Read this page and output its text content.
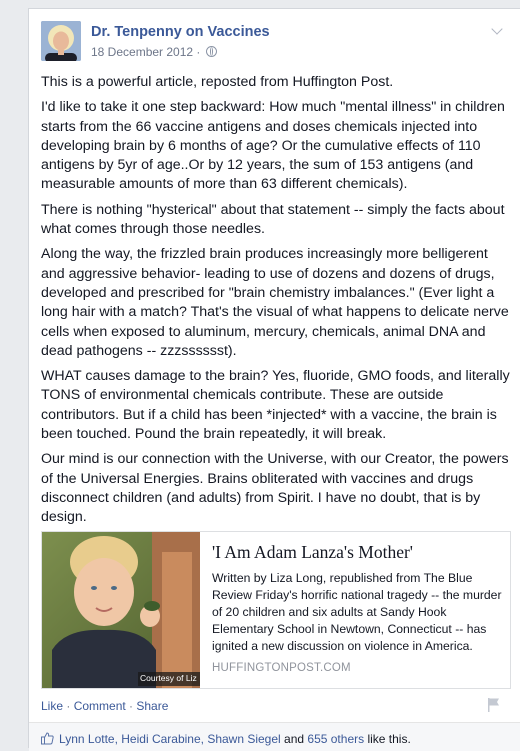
Dr. Tenpenny on Vaccines
18 December 2012 ·

This is a powerful article, reposted from Huffington Post.

I'd like to take it one step backward: How much "mental illness" in children starts from the 66 vaccine antigens and doses chemicals injected into developing brain by 6 months of age? Or the cumulative effects of 110 antigens by 5yr of age..Or by 12 years, the sum of 153 antigens (and measurable amounts of more than 63 different chemicals).

There is nothing "hysterical" about that statement -- simply the facts about what comes through those needles.

Along the way, the frizzled brain produces increasingly more belligerent and aggressive behavior- leading to use of dozens and dozens of drugs, developed and prescribed for "brain chemistry imbalances." (Ever light a long hair with a match? That's the visual of what happens to delicate nerve cells when exposed to aluminum, mercury, chemicals, animal DNA and dead pathogens -- zzzsssssst).

WHAT causes damage to the brain? Yes, fluoride, GMO foods, and literally TONS of environmental chemicals contribute. These are outside contributors. But if a child has been *injected* with a vaccine, the brain is been touched. Pound the brain repeatedly, it will break.

Our mind is our connection with the Universe, with our Creator, the powers of the Universal Energies. Brains obliterated with vaccines and drugs disconnect children (and adults) from Spirit. I have no doubt, that is by design.

Courtesy of Liz
'I Am Adam Lanza's Mother'
Written by Liza Long, republished from The Blue Review Friday's horrific national tragedy -- the murder of 20 children and six adults at Sandy Hook Elementary School in Newtown, Connecticut -- has ignited a new discussion on violence in America.
HUFFINGTONPOST.COM
Like · Comment · Share
Lynn Lotte, Heidi Carabine, Shawn Siegel and 655 others like this.
